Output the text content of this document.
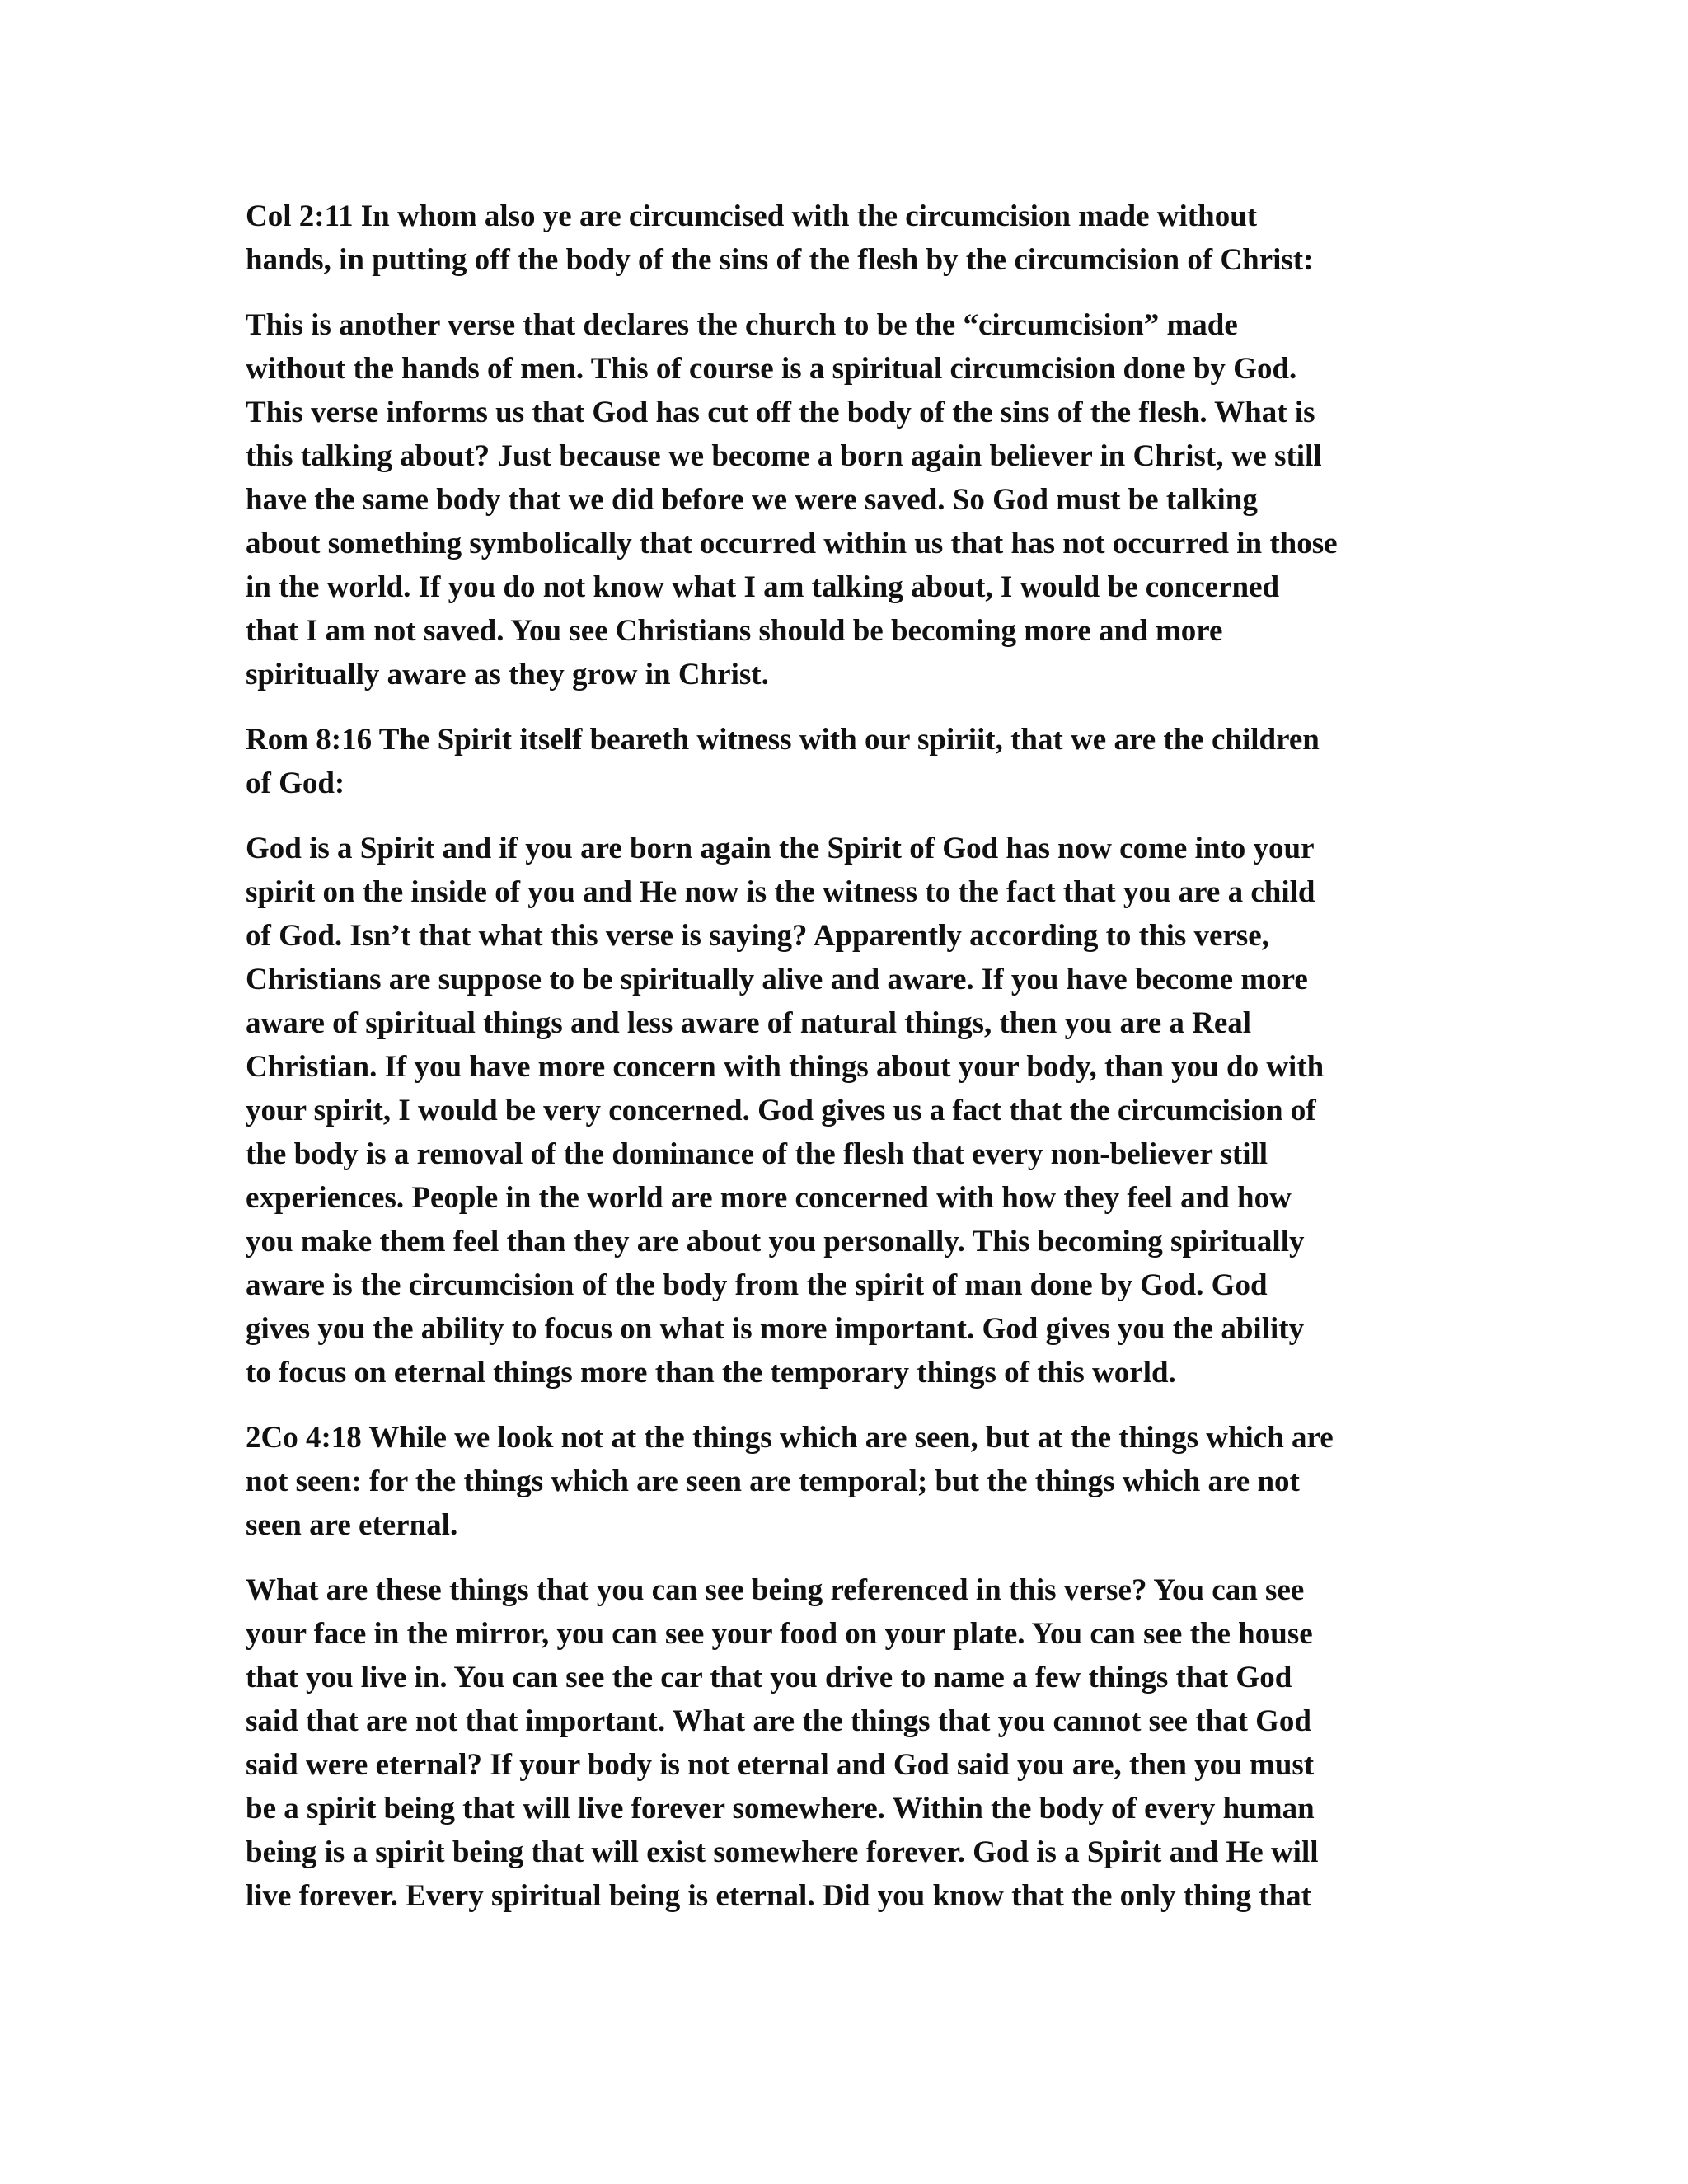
Col 2:11 In whom also ye are circumcised with the circumcision made without
hands, in putting off the body of the sins of the flesh by the circumcision of Christ:

This is another verse that declares the church to be the “circumcision” made
without the hands of men. This of course is a spiritual circumcision done by God.
This verse informs us that God has cut off the body of the sins of the flesh. What is
this talking about? Just because we become a born again believer in Christ, we still
have the same body that we did before we were saved. So God must be talking
about something symbolically that occurred within us that has not occurred in those
in the world. If you do not know what I am talking about, I would be concerned
that I am not saved. You see Christians should be becoming more and more
spiritually aware as they grow in Christ.

Rom 8:16 The Spirit itself beareth witness with our spiriit, that we are the children
of God:

God is a Spirit and if you are born again the Spirit of God has now come into your
spirit on the inside of you and He now is the witness to the fact that you are a child
of God. Isn’t that what this verse is saying? Apparently according to this verse,
Christians are suppose to be spiritually alive and aware. If you have become more
aware of spiritual things and less aware of natural things, then you are a Real
Christian. If you have more concern with things about your body, than you do with
your spirit, I would be very concerned. God gives us a fact that the circumcision of
the body is a removal of the dominance of the flesh that every non-believer still
experiences. People in the world are more concerned with how they feel and how
you make them feel than they are about you personally. This becoming spiritually
aware is the circumcision of the body from the spirit of man done by God. God
gives you the ability to focus on what is more important. God gives you the ability
to focus on eternal things more than the temporary things of this world.

2Co 4:18 While we look not at the things which are seen, but at the things which are
not seen: for the things which are seen are temporal; but the things which are not
seen are eternal.

What are these things that you can see being referenced in this verse? You can see
your face in the mirror, you can see your food on your plate. You can see the house
that you live in. You can see the car that you drive to name a few things that God
said that are not that important. What are the things that you cannot see that God
said were eternal? If your body is not eternal and God said you are, then you must
be a spirit being that will live forever somewhere. Within the body of every human
being is a spirit being that will exist somewhere forever. God is a Spirit and He will
live forever. Every spiritual being is eternal. Did you know that the only thing that
